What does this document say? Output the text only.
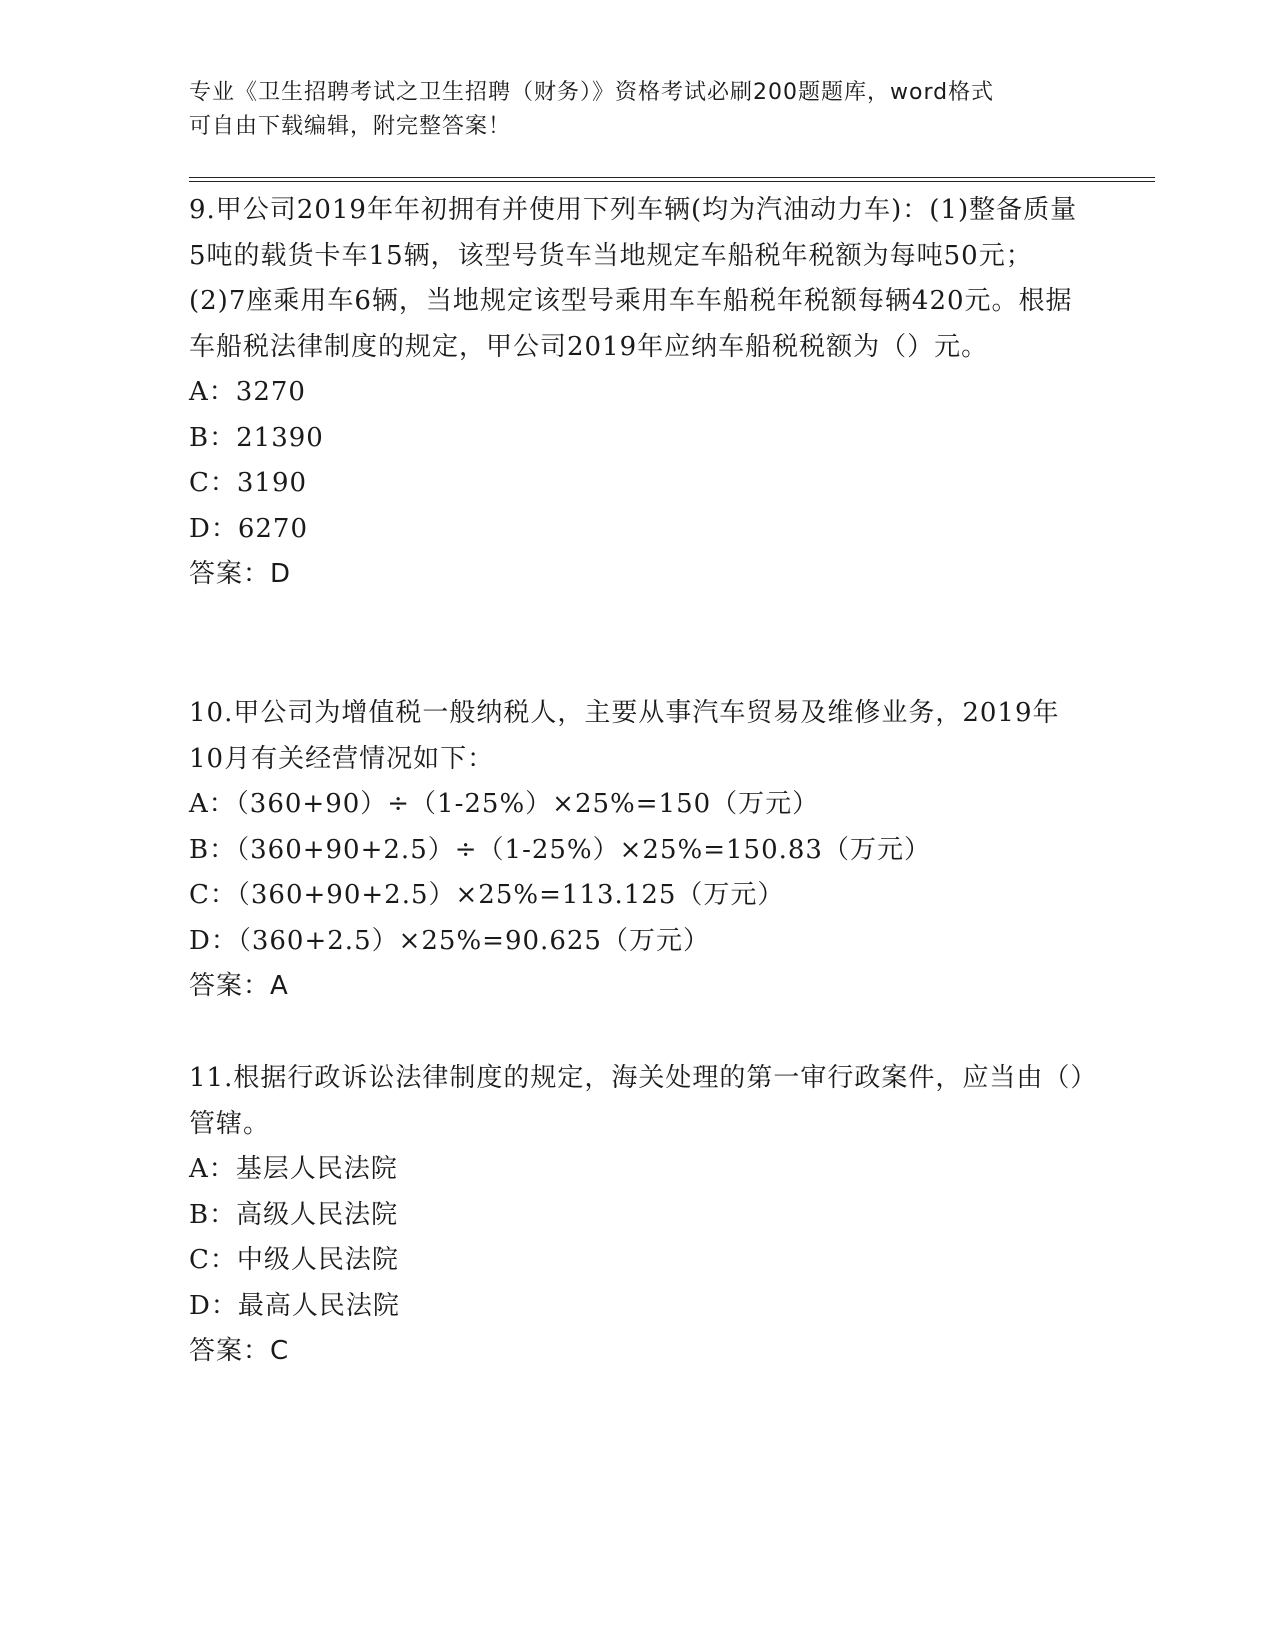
专业《卫生招聘考试之卫生招聘（财务）》资格考试必刷200题题库，word格式
可自由下载编辑，附完整答案！

9.甲公司2019年年初拥有并使用下列车辆(均为汽油动力车)：(1)整备质量5吨的载货卡车15辆，该型号货车当地规定车船税年税额为每吨50元；(2)7座乘用车6辆，当地规定该型号乘用车车船税年税额每辆420元。根据车船税法律制度的规定，甲公司2019年应纳车船税税额为（）元。

A：3270
B：21390
C：3190
D：6270
答案：D

10.甲公司为增值税一般纳税人，主要从事汽车贸易及维修业务，2019年10月有关经营情况如下：

A：（360+90）÷（1-25%）×25%=150（万元）
B：（360+90+2.5）÷（1-25%）×25%=150.83（万元）
C：（360+90+2.5）×25%=113.125（万元）
D：（360+2.5）×25%=90.625（万元）
答案：A

11.根据行政诉讼法律制度的规定，海关处理的第一审行政案件，应当由（）管辖。

A：基层人民法院
B：高级人民法院
C：中级人民法院
D：最高人民法院
答案：C
